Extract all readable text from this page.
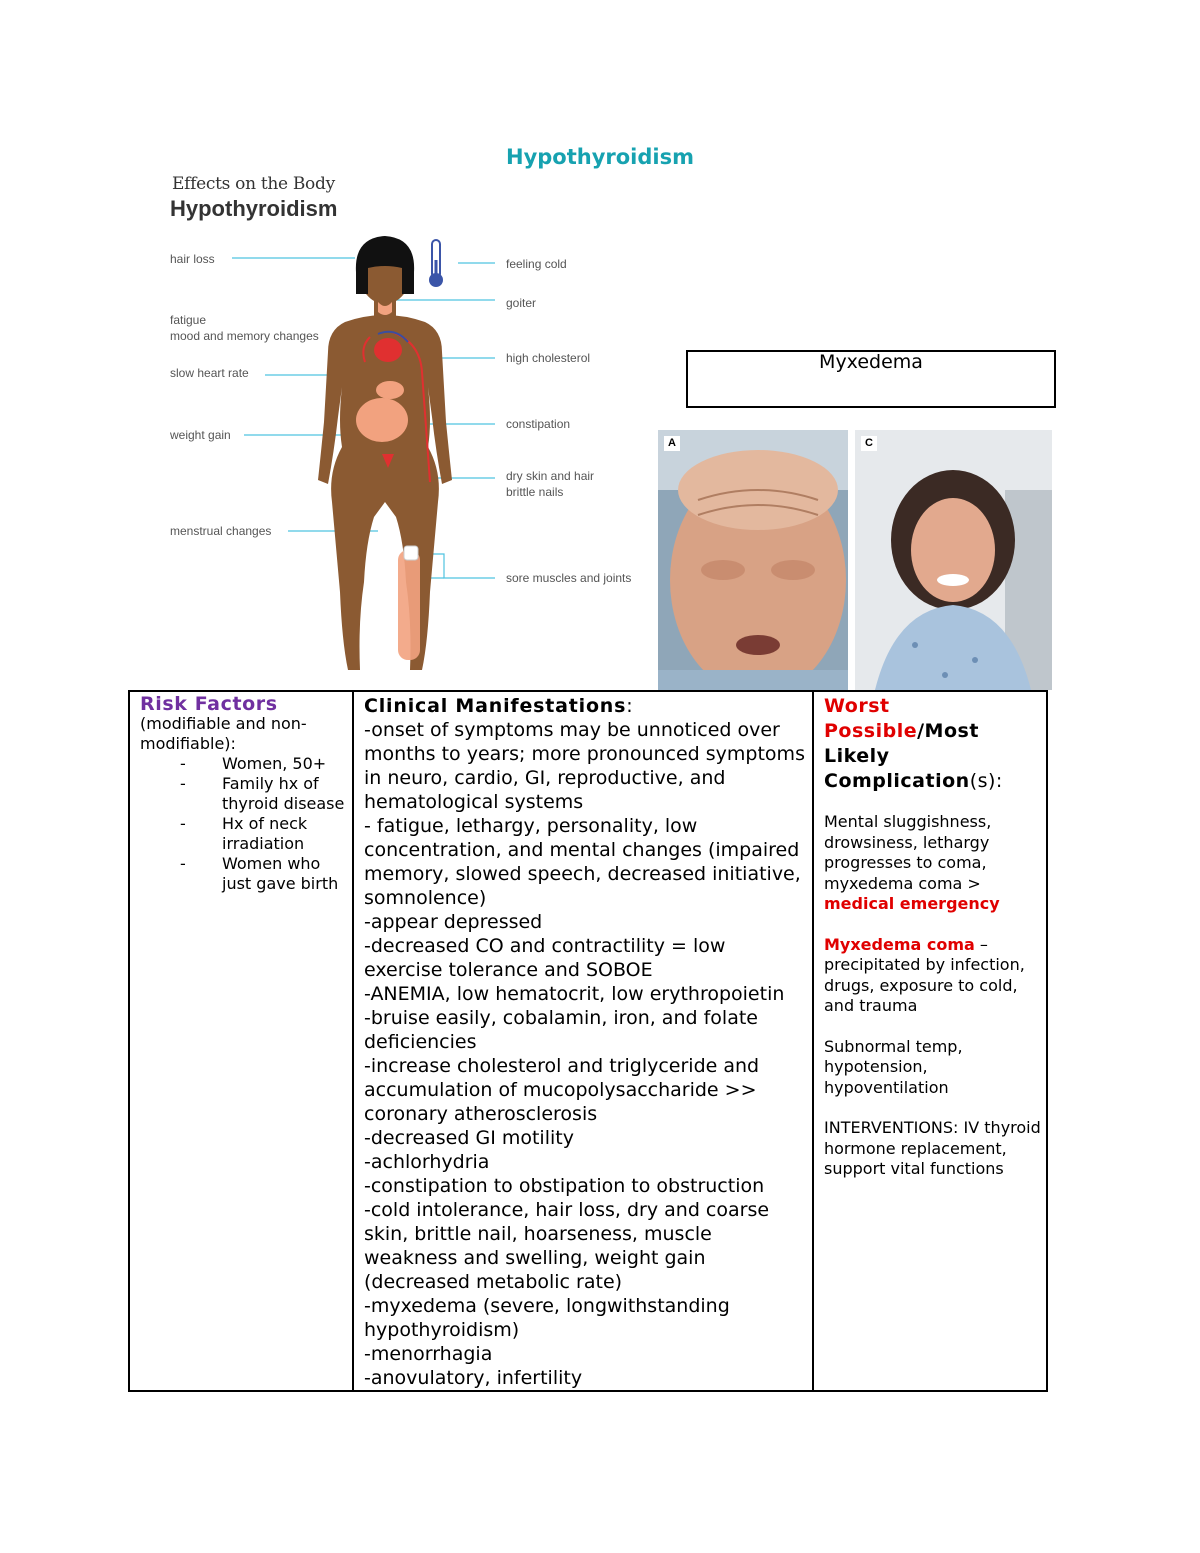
Hypothyroidism
Effects on the Body
Hypothyroidism
hair loss
fatigue
mood and memory changes
slow heart rate
weight gain
menstrual changes
feeling cold
goiter
high cholesterol
constipation
dry skin and hair
brittle nails
sore muscles and joints
Myxedema
A	C
Risk Factors
(modifiable and non-modifiable):
- Women, 50+
- Family hx of thyroid disease
- Hx of neck irradiation
- Women who just gave birth

Clinical Manifestations:
-onset of symptoms may be unnoticed over months to years; more pronounced symptoms in neuro, cardio, GI, reproductive, and hematological systems
- fatigue, lethargy, personality, low concentration, and mental changes (impaired memory, slowed speech, decreased initiative, somnolence)
-appear depressed
-decreased CO and contractility = low exercise tolerance and SOBOE
-ANEMIA, low hematocrit, low erythropoietin
-bruise easily, cobalamin, iron, and folate deficiencies
-increase cholesterol and triglyceride and accumulation of mucopolysaccharide >> coronary atherosclerosis
-decreased GI motility
-achlorhydria
-constipation to obstipation to obstruction
-cold intolerance, hair loss, dry and coarse skin, brittle nail, hoarseness, muscle weakness and swelling, weight gain (decreased metabolic rate)
-myxedema (severe, longwithstanding hypothyroidism)
-menorrhagia
-anovulatory, infertility

Worst Possible/Most Likely Complication(s):
Mental sluggishness, drowsiness, lethargy progresses to coma, myxedema coma > medical emergency
Myxedema coma – precipitated by infection, drugs, exposure to cold, and trauma
Subnormal temp, hypotension, hypoventilation
INTERVENTIONS: IV thyroid hormone replacement, support vital functions
